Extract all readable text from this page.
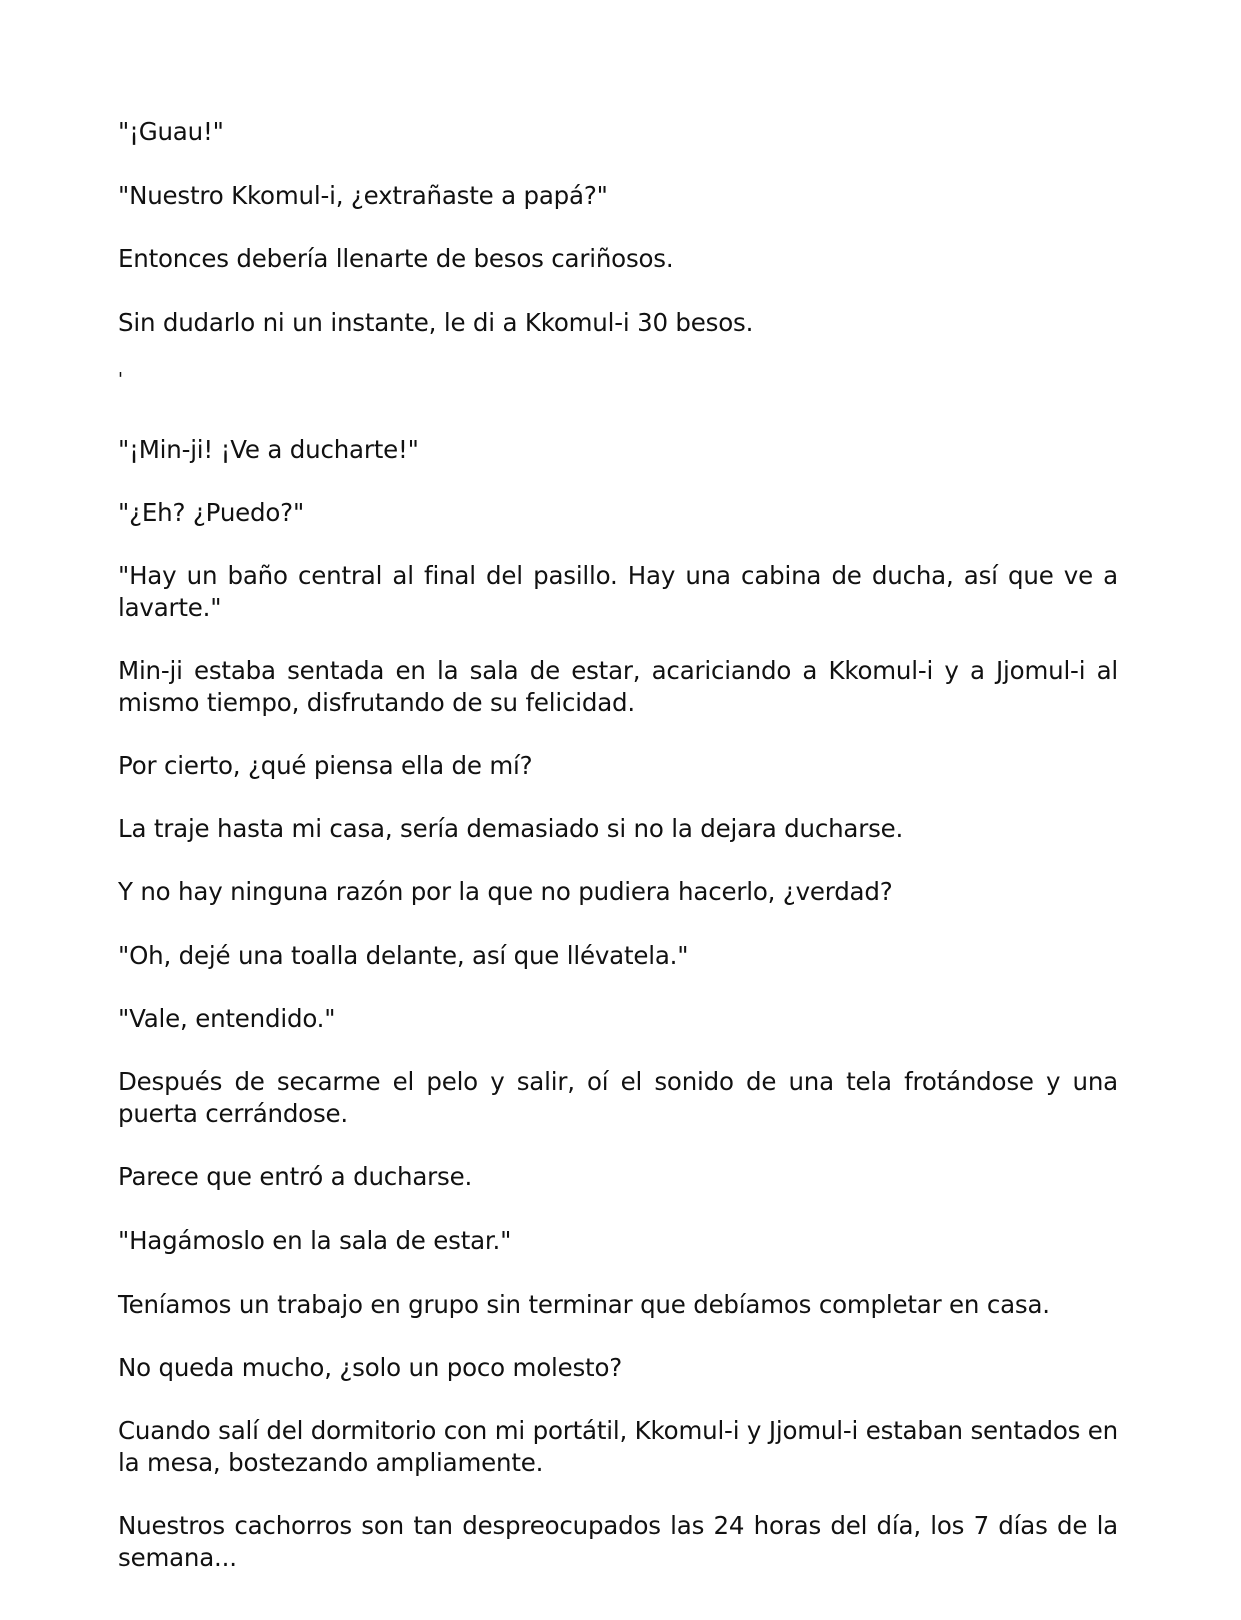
"¡Guau!"

"Nuestro Kkomul-i, ¿extrañaste a papá?"

Entonces debería llenarte de besos cariñosos.

Sin dudarlo ni un instante, le di a Kkomul-i 30 besos.

'

"¡Min-ji! ¡Ve a ducharte!"

"¿Eh? ¿Puedo?"

"Hay un baño central al final del pasillo. Hay una cabina de ducha, así que ve a lavarte."

Min-ji estaba sentada en la sala de estar, acariciando a Kkomul-i y a Jjomul-i al mismo tiempo, disfrutando de su felicidad.

Por cierto, ¿qué piensa ella de mí?

La traje hasta mi casa, sería demasiado si no la dejara ducharse.

Y no hay ninguna razón por la que no pudiera hacerlo, ¿verdad?

"Oh, dejé una toalla delante, así que llévatela."

"Vale, entendido."

Después de secarme el pelo y salir, oí el sonido de una tela frotándose y una puerta cerrándose.

Parece que entró a ducharse.

"Hagámoslo en la sala de estar."

Teníamos un trabajo en grupo sin terminar que debíamos completar en casa.

No queda mucho, ¿solo un poco molesto?

Cuando salí del dormitorio con mi portátil, Kkomul-i y Jjomul-i estaban sentados en la mesa, bostezando ampliamente.

Nuestros cachorros son tan despreocupados las 24 horas del día, los 7 días de la semana...
